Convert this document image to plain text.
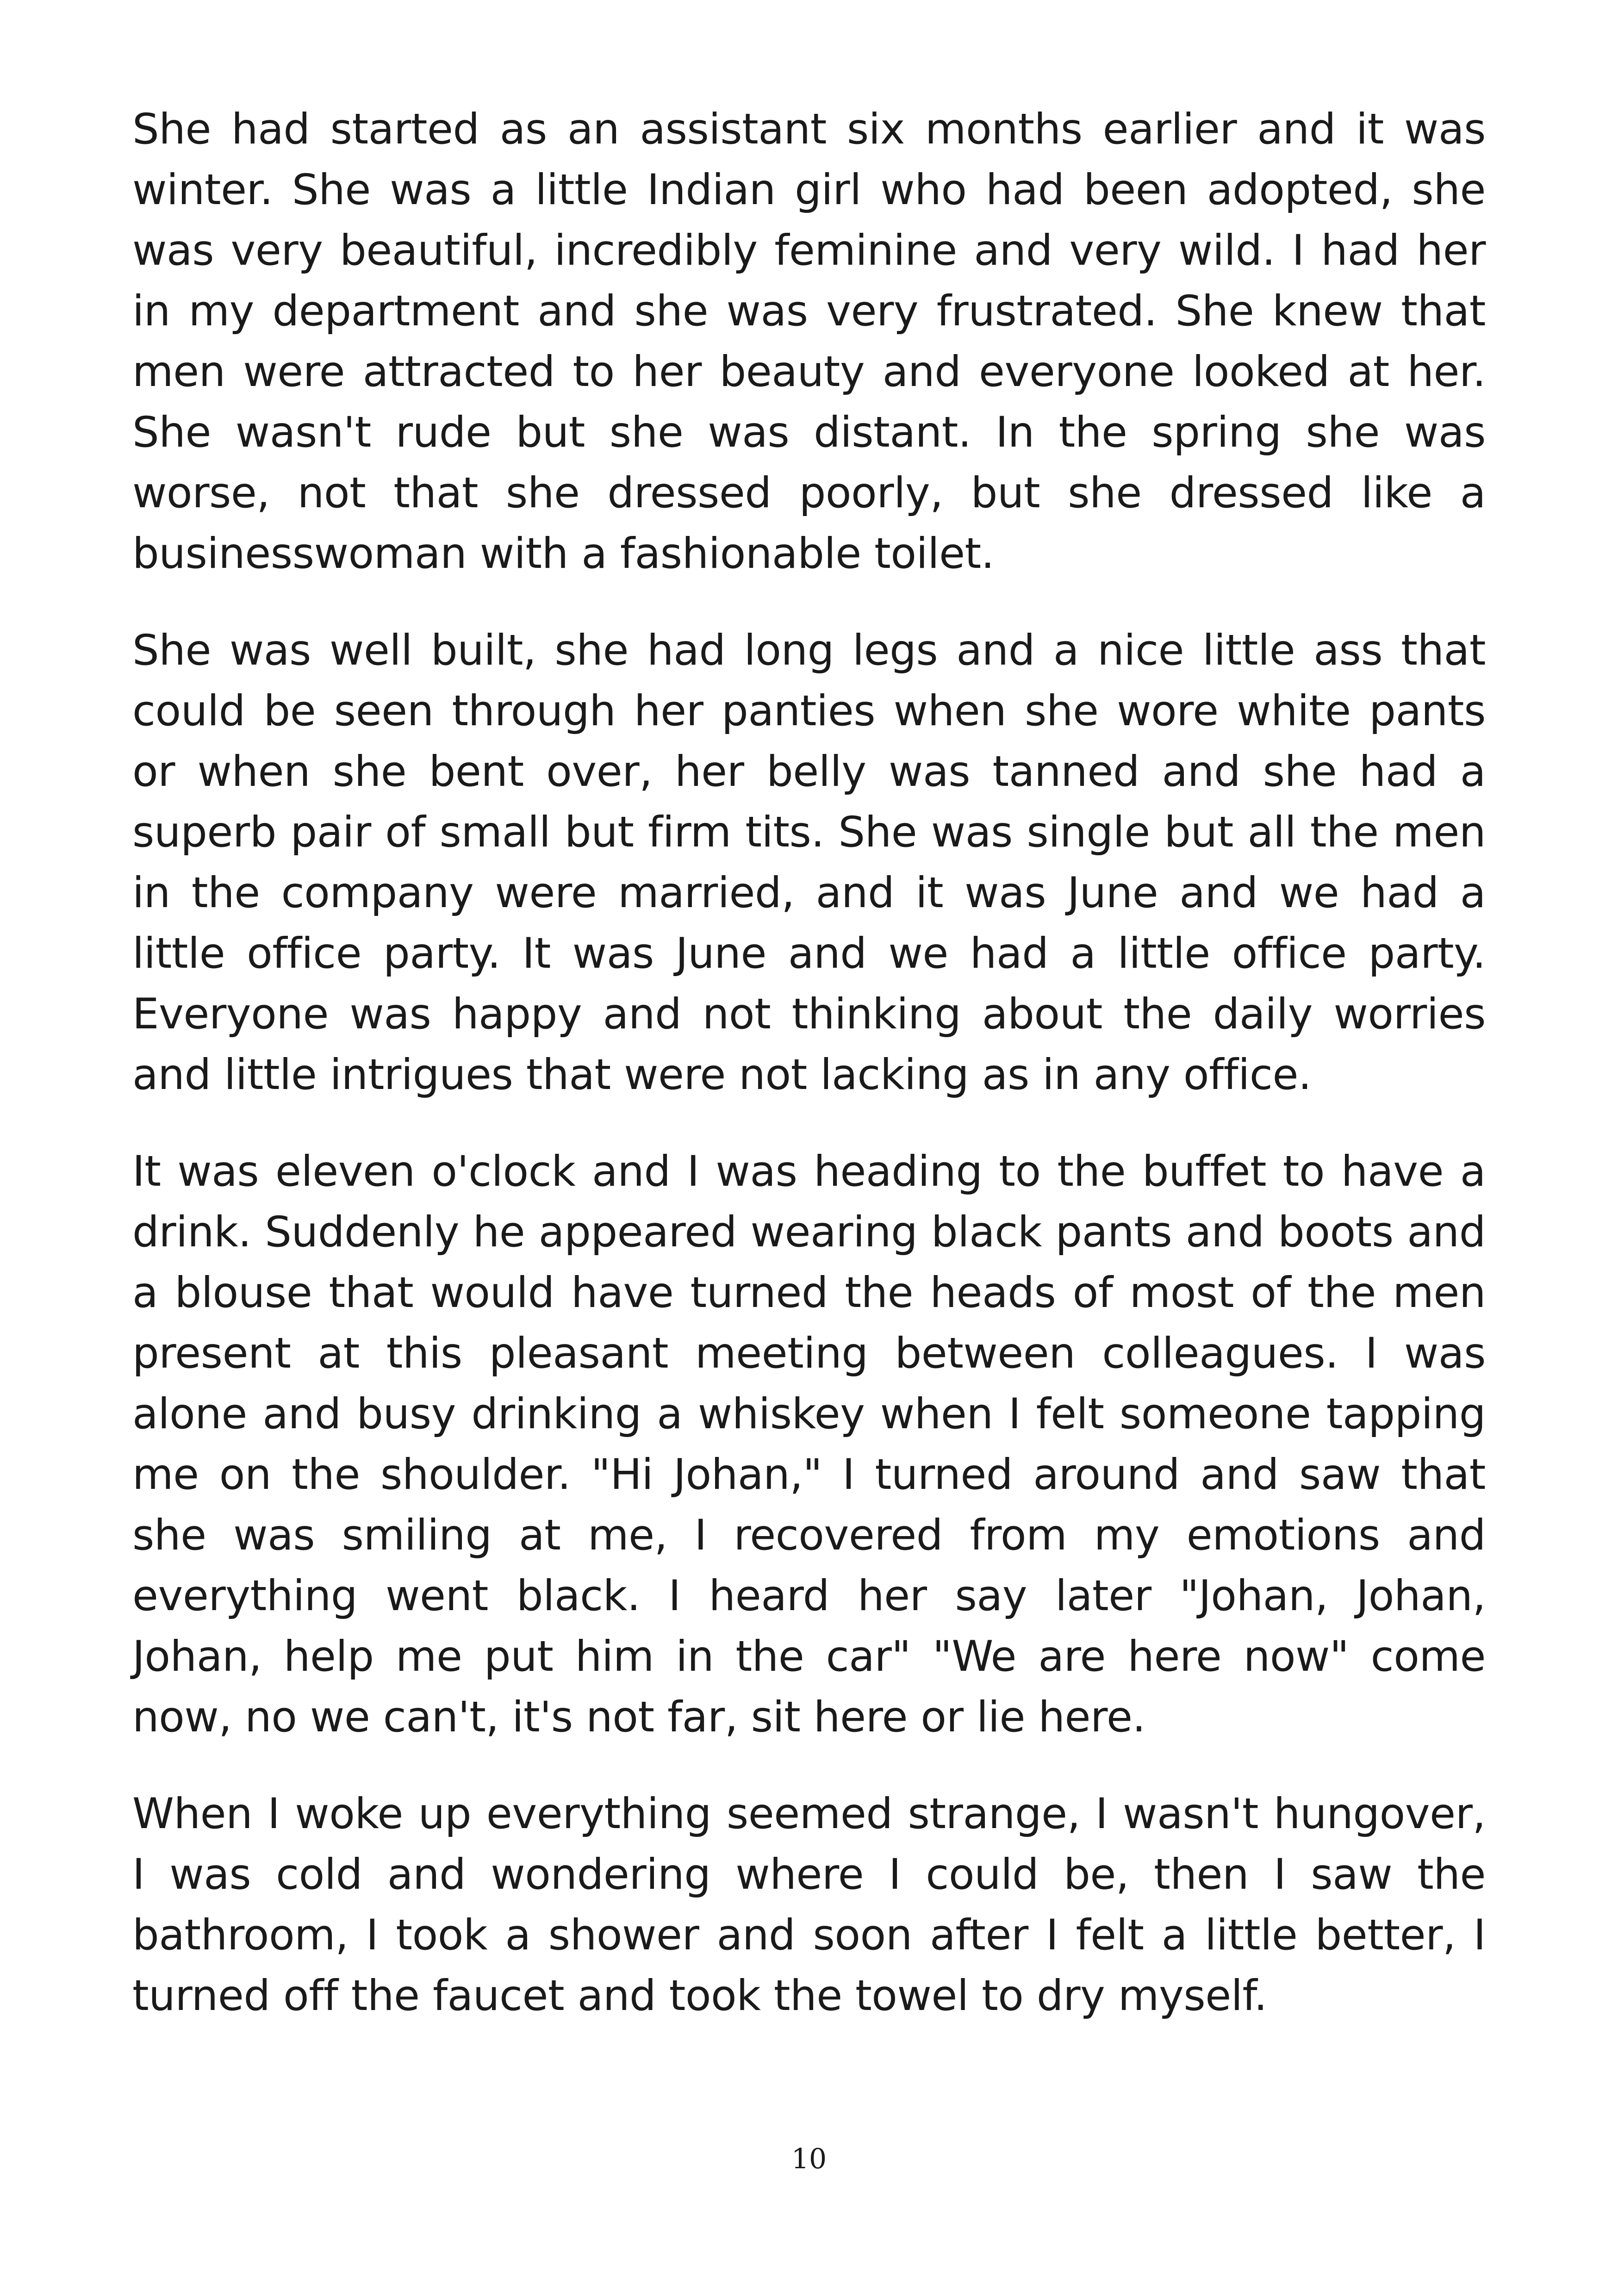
She had started as an assistant six months earlier and it was winter. She was a little Indian girl who had been adopted, she was very beautiful, incredibly feminine and very wild. I had her in my department and she was very frustrated. She knew that men were attracted to her beauty and everyone looked at her. She wasn't rude but she was distant. In the spring she was worse, not that she dressed poorly, but she dressed like a businesswoman with a fashionable toilet.

She was well built, she had long legs and a nice little ass that could be seen through her panties when she wore white pants or when she bent over, her belly was tanned and she had a superb pair of small but firm tits. She was single but all the men in the company were married, and it was June and we had a little office party. It was June and we had a little office party. Everyone was happy and not thinking about the daily worries and little intrigues that were not lacking as in any office.

It was eleven o'clock and I was heading to the buffet to have a drink. Suddenly he appeared wearing black pants and boots and a blouse that would have turned the heads of most of the men present at this pleasant meeting between colleagues. I was alone and busy drinking a whiskey when I felt someone tapping me on the shoulder. "Hi Johan," I turned around and saw that she was smiling at me, I recovered from my emotions and everything went black. I heard her say later "Johan, Johan, Johan, help me put him in the car" "We are here now" come now, no we can't, it's not far, sit here or lie here.

When I woke up everything seemed strange, I wasn't hungover, I was cold and wondering where I could be, then I saw the bathroom, I took a shower and soon after I felt a little better, I turned off the faucet and took the towel to dry myself.

10
